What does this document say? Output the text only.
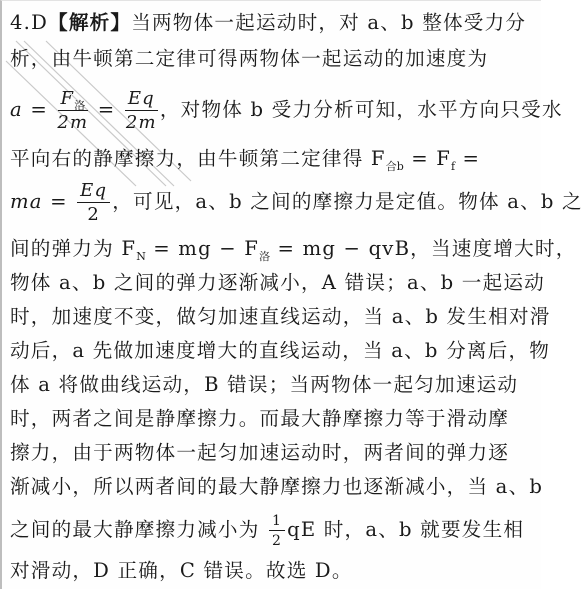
4.D【解析】当两物体一起运动时，对 a、b 整体受力分
析，由牛顿第二定律可得两物体一起运动的加速度为
$a = \frac{F_洛}{2m} = \frac{Eq}{2m}$ ，对物体 b 受力分析可知，水平方向只受水
平向右的静摩擦力，由牛顿第二定律得 $F_{合b} = F_f$ =
ma = $\frac{Eq}{2}$ ，可见，a、b 之间的摩擦力是定值。物体 a、b 之
间的弹力为 $F_N$ = mg − $F_洛$ = mg − qvB，当速度增大时，
物体 a、b 之间的弹力逐渐减小，A 错误；a、b 一起运动
时，加速度不变，做匀加速直线运动，当 a、b 发生相对滑
动后，a 先做加速度增大的直线运动，当 a、b 分离后，物
体 a 将做曲线运动，B 错误；当两物体一起匀加速运动
时，两者之间是静摩擦力。而最大静摩擦力等于滑动摩
擦力，由于两物体一起匀加速运动时，两者间的弹力逐
渐减小，所以两者间的最大静摩擦力也逐渐减小，当 a、b
之间的最大静摩擦力减小为 $\frac{1}{2}$ qE 时，a、b 就要发生相
对滑动，D 正确，C 错误。故选 D。
